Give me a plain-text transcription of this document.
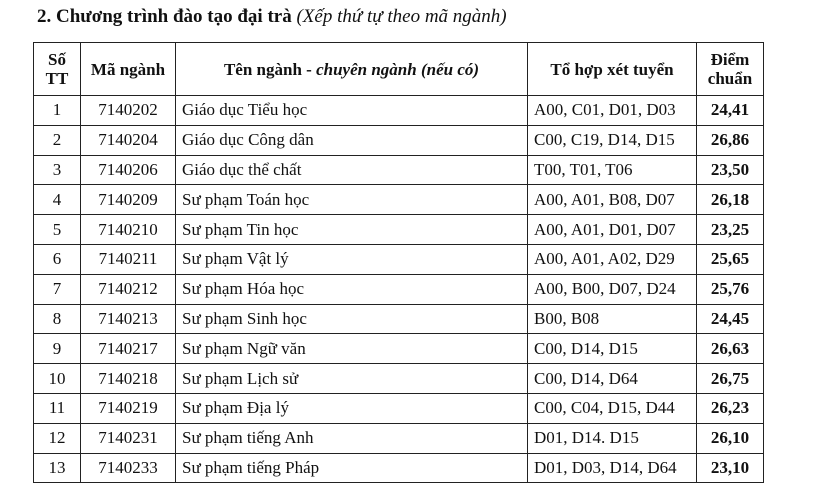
2. Chương trình đào tạo đại trà (Xếp thứ tự theo mã ngành)
Số TT	Mã ngành	Tên ngành - chuyên ngành (nếu có)	Tổ hợp xét tuyển	Điểm chuẩn
1	7140202	Giáo dục Tiểu học	A00, C01, D01, D03	24,41
2	7140204	Giáo dục Công dân	C00, C19, D14, D15	26,86
3	7140206	Giáo dục thể chất	T00, T01, T06	23,50
4	7140209	Sư phạm Toán học	A00, A01, B08, D07	26,18
5	7140210	Sư phạm Tin học	A00, A01, D01, D07	23,25
6	7140211	Sư phạm Vật lý	A00, A01, A02, D29	25,65
7	7140212	Sư phạm Hóa học	A00, B00, D07, D24	25,76
8	7140213	Sư phạm Sinh học	B00, B08	24,45
9	7140217	Sư phạm Ngữ văn	C00, D14, D15	26,63
10	7140218	Sư phạm Lịch sử	C00, D14, D64	26,75
11	7140219	Sư phạm Địa lý	C00, C04, D15, D44	26,23
12	7140231	Sư phạm tiếng Anh	D01, D14. D15	26,10
13	7140233	Sư phạm tiếng Pháp	D01, D03, D14, D64	23,10
